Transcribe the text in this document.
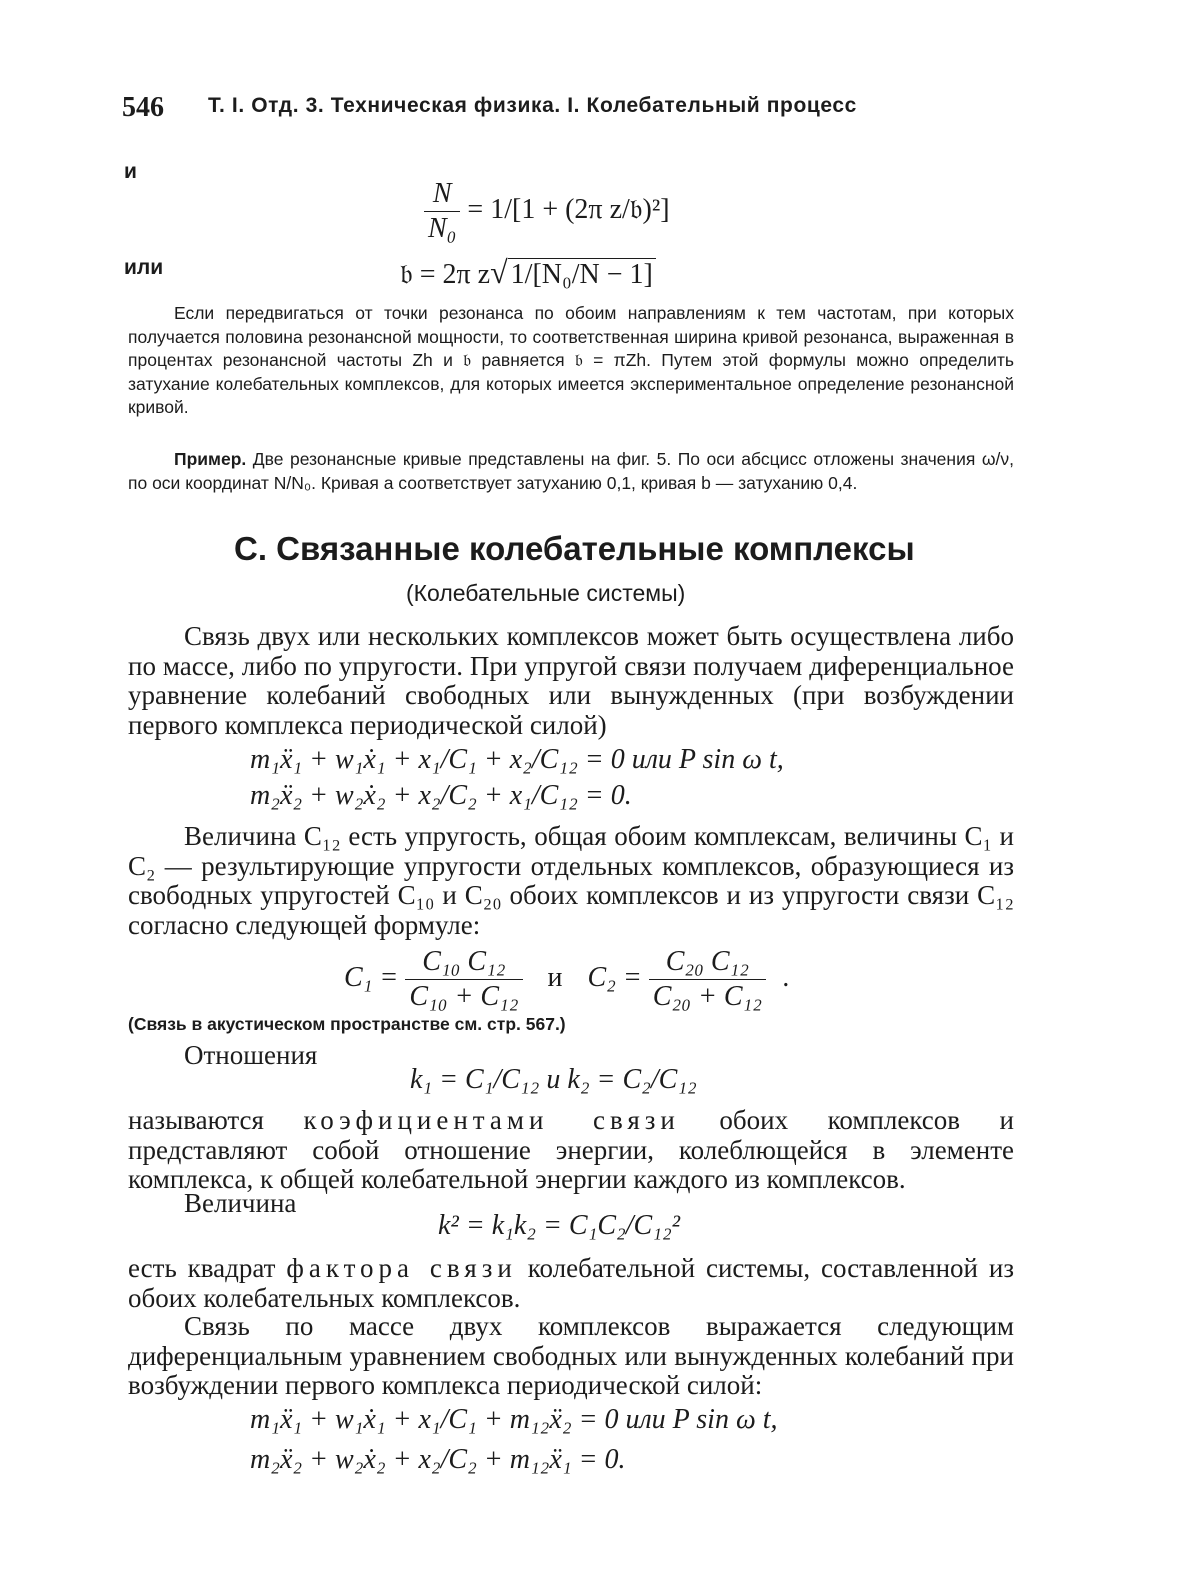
546 Т. I. Отд. 3. Техническая физика. I. Колебательный процесс
и
$\frac{N}{\text{N₀}} = 1/[1 + (2\pi$ z/𝔟)²]
или	𝔟 = 2π z√ 1/[N₀/N − 1]
Если передвигаться от точки резонанса по обоим направлениям к тем частотам, при которых получается половина резонансной мощности, то соответственная ширина кривой резонанса, выраженная в процентах резонансной частоты Zh и 𝔟 равняется 𝔟 = πZh. Путем этой формулы можно определить затухание колебательных комплексов, для которых имеется экспериментальное определение резонансной кривой.
Пример. Две резонансные кривые представлены на фиг. 5. По оси абсцисс отложены значения ω/ν, по оси координат N/N₀. Кривая a соответствует затуханию 0,1, кривая b — затуханию 0,4.
C. Связанные колебательные комплексы
(Колебательные системы)
Связь двух или нескольких комплексов может быть осуществлена либо по массе, либо по упругости. При упругой связи получаем диференциальное уравнение колебаний свободных или вынужденных (при возбуждении первого комплекса периодической силой)
m₁ẍ₁ + w₁ẋ₁ + x₁/C₁ + x₂/C₁₂ = 0 или P sin ω t,
m₂ẍ₂ + w₂ẋ₂ + x₂/C₂ + x₁/C₁₂ = 0.
Величина C₁₂ есть упругость, общая обоим комплексам, величины C₁ и C₂ — результирующие упругости отдельных комплексов, образующиеся из свободных упругостей C₁₀ и C₂₀ обоих комплексов и из упругости связи C₁₂ согласно следующей формуле:
$C_1 = \frac{\text{C₁₀ C₁₂}}{\text{C₁₀ + C₁₂}}$ и $C_2 = \frac{\text{C₂₀ C₁₂}}{\text{C₂₀ + C₁₂}}$ .
(Связь в акустическом пространстве см. стр. 567.)
Отношения
k₁ = C₁/C₁₂ и k₂ = C₂/C₁₂
называются коэфициентами связи обоих комплексов и представляют собой отношение энергии, колеблющейся в элементе комплекса, к общей колебательной энергии каждого из комплексов.
Величина
k² = k₁k₂ = C₁C₂/C₁₂²
есть квадрат фактора связи колебательной системы, составленной из обоих колебательных комплексов.
Связь по массе двух комплексов выражается следующим диференциальным уравнением свободных или вынужденных колебаний при возбуждении первого комплекса периодической силой:
m₁ẍ₁ + w₁ẋ₁ + x₁/C₁ + m₁₂ẍ₂ = 0 или P sin ω t,
m₂ẍ₂ + w₂ẋ₂ + x₂/C₂ + m₁₂ẍ₁ = 0.
